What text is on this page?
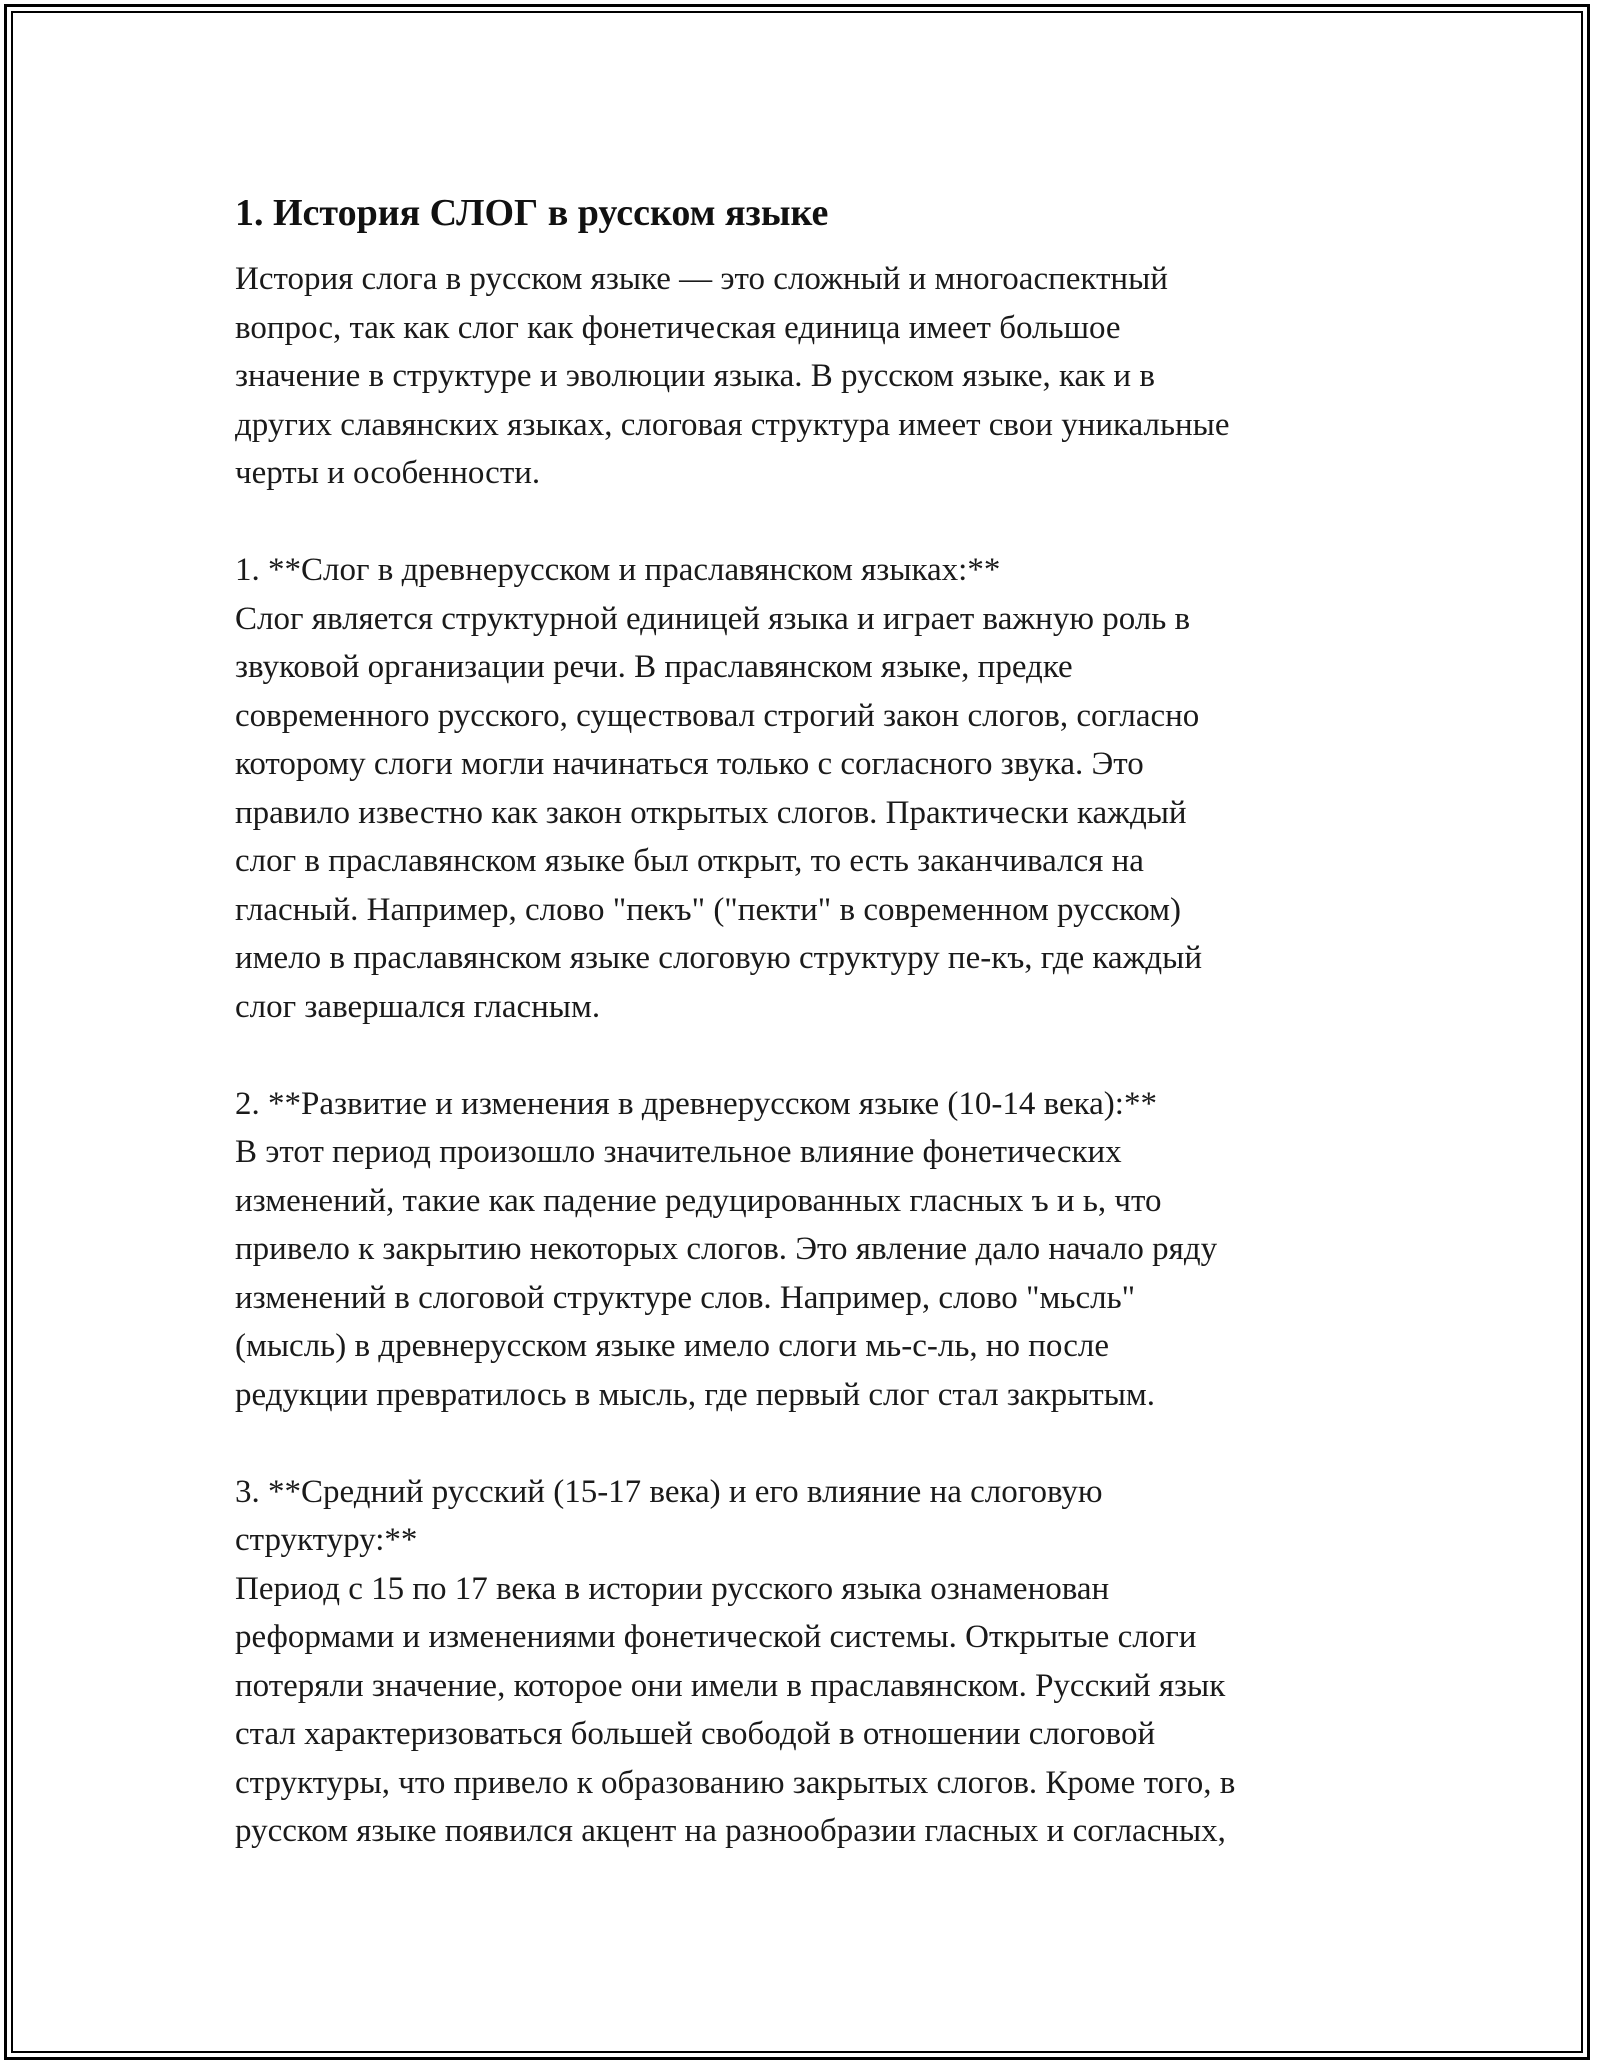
1. История СЛОГ в русском языке

История слога в русском языке — это сложный и многоаспектный
вопрос, так как слог как фонетическая единица имеет большое
значение в структуре и эволюции языка. В русском языке, как и в
других славянских языках, слоговая структура имеет свои уникальные
черты и особенности.

1. **Слог в древнерусском и праславянском языках:**

Слог является структурной единицей языка и играет важную роль в
звуковой организации речи. В праславянском языке, предке
современного русского, существовал строгий закон слогов, согласно
которому слоги могли начинаться только с согласного звука. Это
правило известно как закон открытых слогов. Практически каждый
слог в праславянском языке был открыт, то есть заканчивался на
гласный. Например, слово "пекъ" ("пекти" в современном русском)
имело в праславянском языке слоговую структуру пе-къ, где каждый
слог завершался гласным.

2. **Развитие и изменения в древнерусском языке (10-14 века):**

В этот период произошло значительное влияние фонетических
изменений, такие как падение редуцированных гласных ъ и ь, что
привело к закрытию некоторых слогов. Это явление дало начало ряду
изменений в слоговой структуре слов. Например, слово "мьсль"
(мысль) в древнерусском языке имело слоги мь-с-ль, но после
редукции превратилось в мысль, где первый слог стал закрытым.

3. **Средний русский (15-17 века) и его влияние на слоговую
структуру:**

Период с 15 по 17 века в истории русского языка ознаменован
реформами и изменениями фонетической системы. Открытые слоги
потеряли значение, которое они имели в праславянском. Русский язык
стал характеризоваться большей свободой в отношении слоговой
структуры, что привело к образованию закрытых слогов. Кроме того, в
русском языке появился акцент на разнообразии гласных и согласных,
